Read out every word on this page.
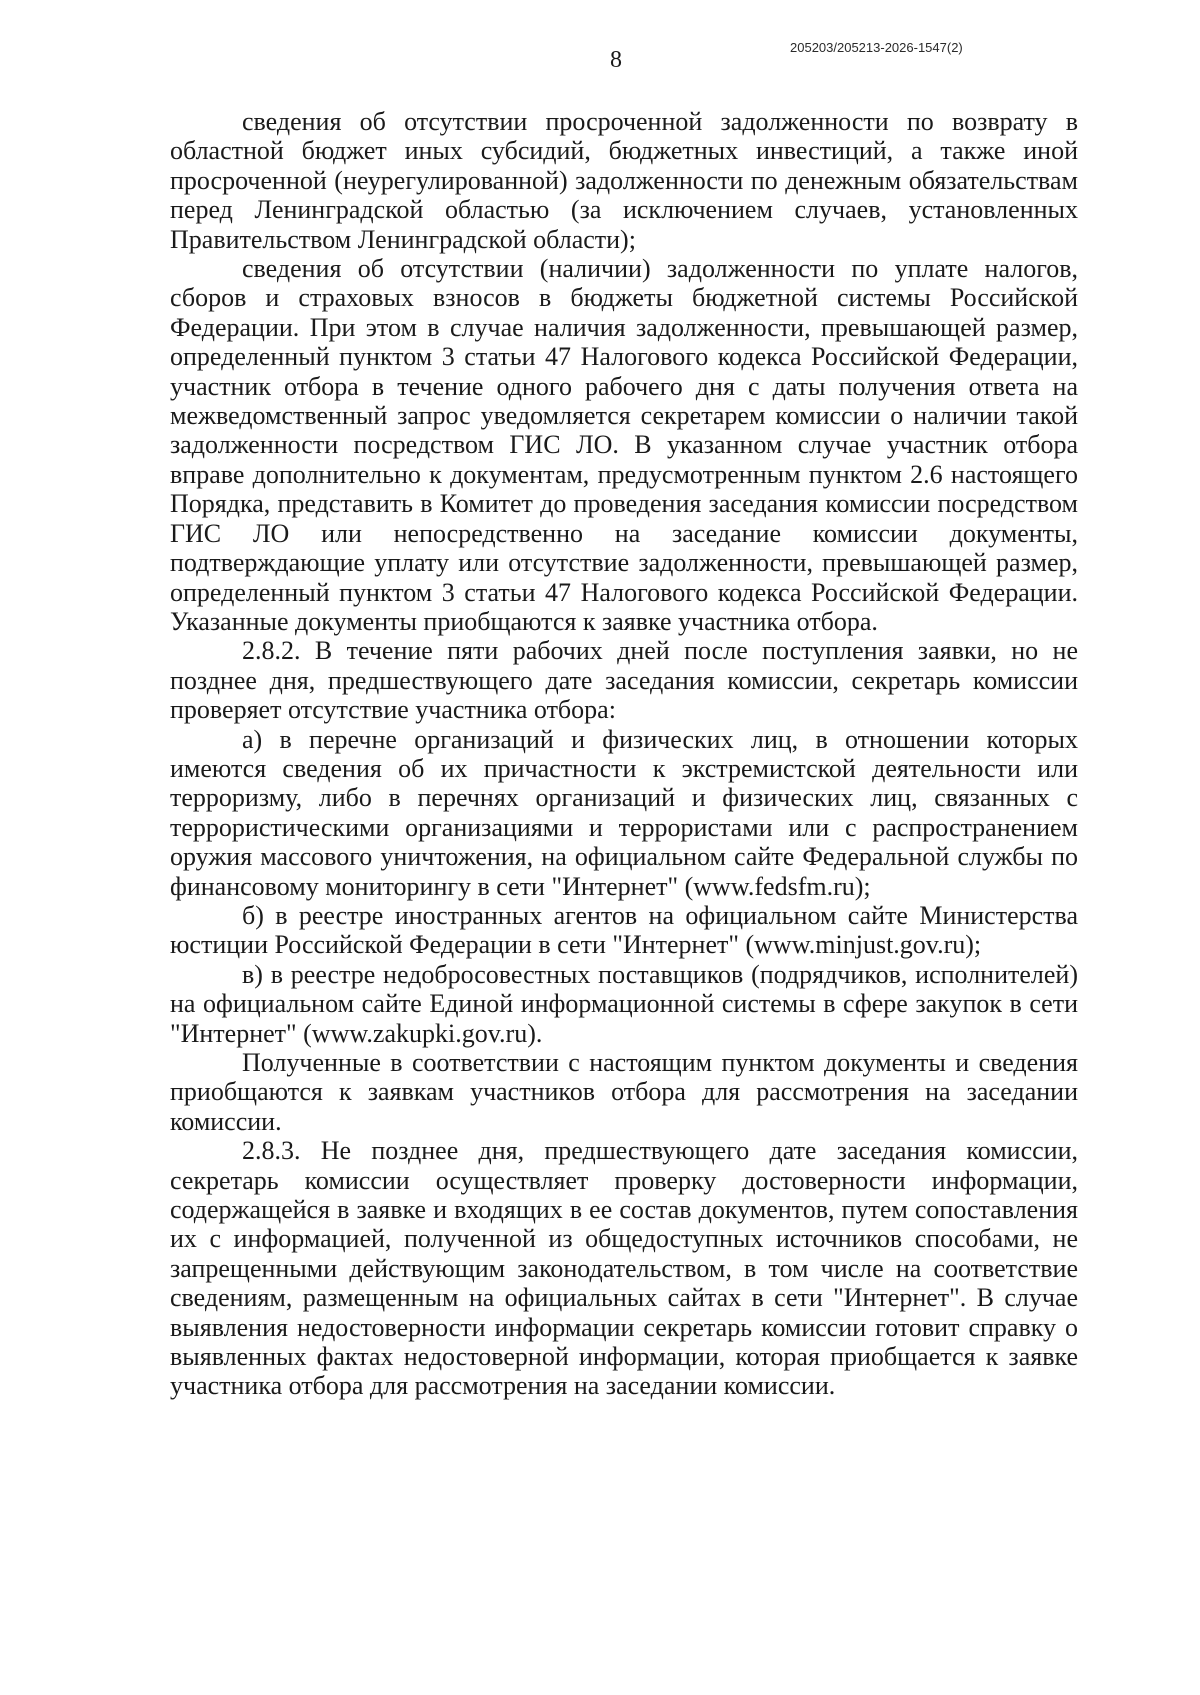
8	205203/205213-2026-1547(2)

сведения об отсутствии просроченной задолженности по возврату в областной бюджет иных субсидий, бюджетных инвестиций, а также иной просроченной (неурегулированной) задолженности по денежным обязательствам перед Ленинградской областью (за исключением случаев, установленных Правительством Ленинградской области);

сведения об отсутствии (наличии) задолженности по уплате налогов, сборов и страховых взносов в бюджеты бюджетной системы Российской Федерации. При этом в случае наличия задолженности, превышающей размер, определенный пунктом 3 статьи 47 Налогового кодекса Российской Федерации, участник отбора в течение одного рабочего дня с даты получения ответа на межведомственный запрос уведомляется секретарем комиссии о наличии такой задолженности посредством ГИС ЛО. В указанном случае участник отбора вправе дополнительно к документам, предусмотренным пунктом 2.6 настоящего Порядка, представить в Комитет до проведения заседания комиссии посредством ГИС ЛО или непосредственно на заседание комиссии документы, подтверждающие уплату или отсутствие задолженности, превышающей размер, определенный пунктом 3 статьи 47 Налогового кодекса Российской Федерации. Указанные документы приобщаются к заявке участника отбора.

2.8.2. В течение пяти рабочих дней после поступления заявки, но не позднее дня, предшествующего дате заседания комиссии, секретарь комиссии проверяет отсутствие участника отбора:

а) в перечне организаций и физических лиц, в отношении которых имеются сведения об их причастности к экстремистской деятельности или терроризму, либо в перечнях организаций и физических лиц, связанных с террористическими организациями и террористами или с распространением оружия массового уничтожения, на официальном сайте Федеральной службы по финансовому мониторингу в сети "Интернет" (www.fedsfm.ru);

б) в реестре иностранных агентов на официальном сайте Министерства юстиции Российской Федерации в сети "Интернет" (www.minjust.gov.ru);

в) в реестре недобросовестных поставщиков (подрядчиков, исполнителей) на официальном сайте Единой информационной системы в сфере закупок в сети "Интернет" (www.zakupki.gov.ru).

Полученные в соответствии с настоящим пунктом документы и сведения приобщаются к заявкам участников отбора для рассмотрения на заседании комиссии.

2.8.3. Не позднее дня, предшествующего дате заседания комиссии, секретарь комиссии осуществляет проверку достоверности информации, содержащейся в заявке и входящих в ее состав документов, путем сопоставления их с информацией, полученной из общедоступных источников способами, не запрещенными действующим законодательством, в том числе на соответствие сведениям, размещенным на официальных сайтах в сети "Интернет". В случае выявления недостоверности информации секретарь комиссии готовит справку о выявленных фактах недостоверной информации, которая приобщается к заявке участника отбора для рассмотрения на заседании комиссии.
